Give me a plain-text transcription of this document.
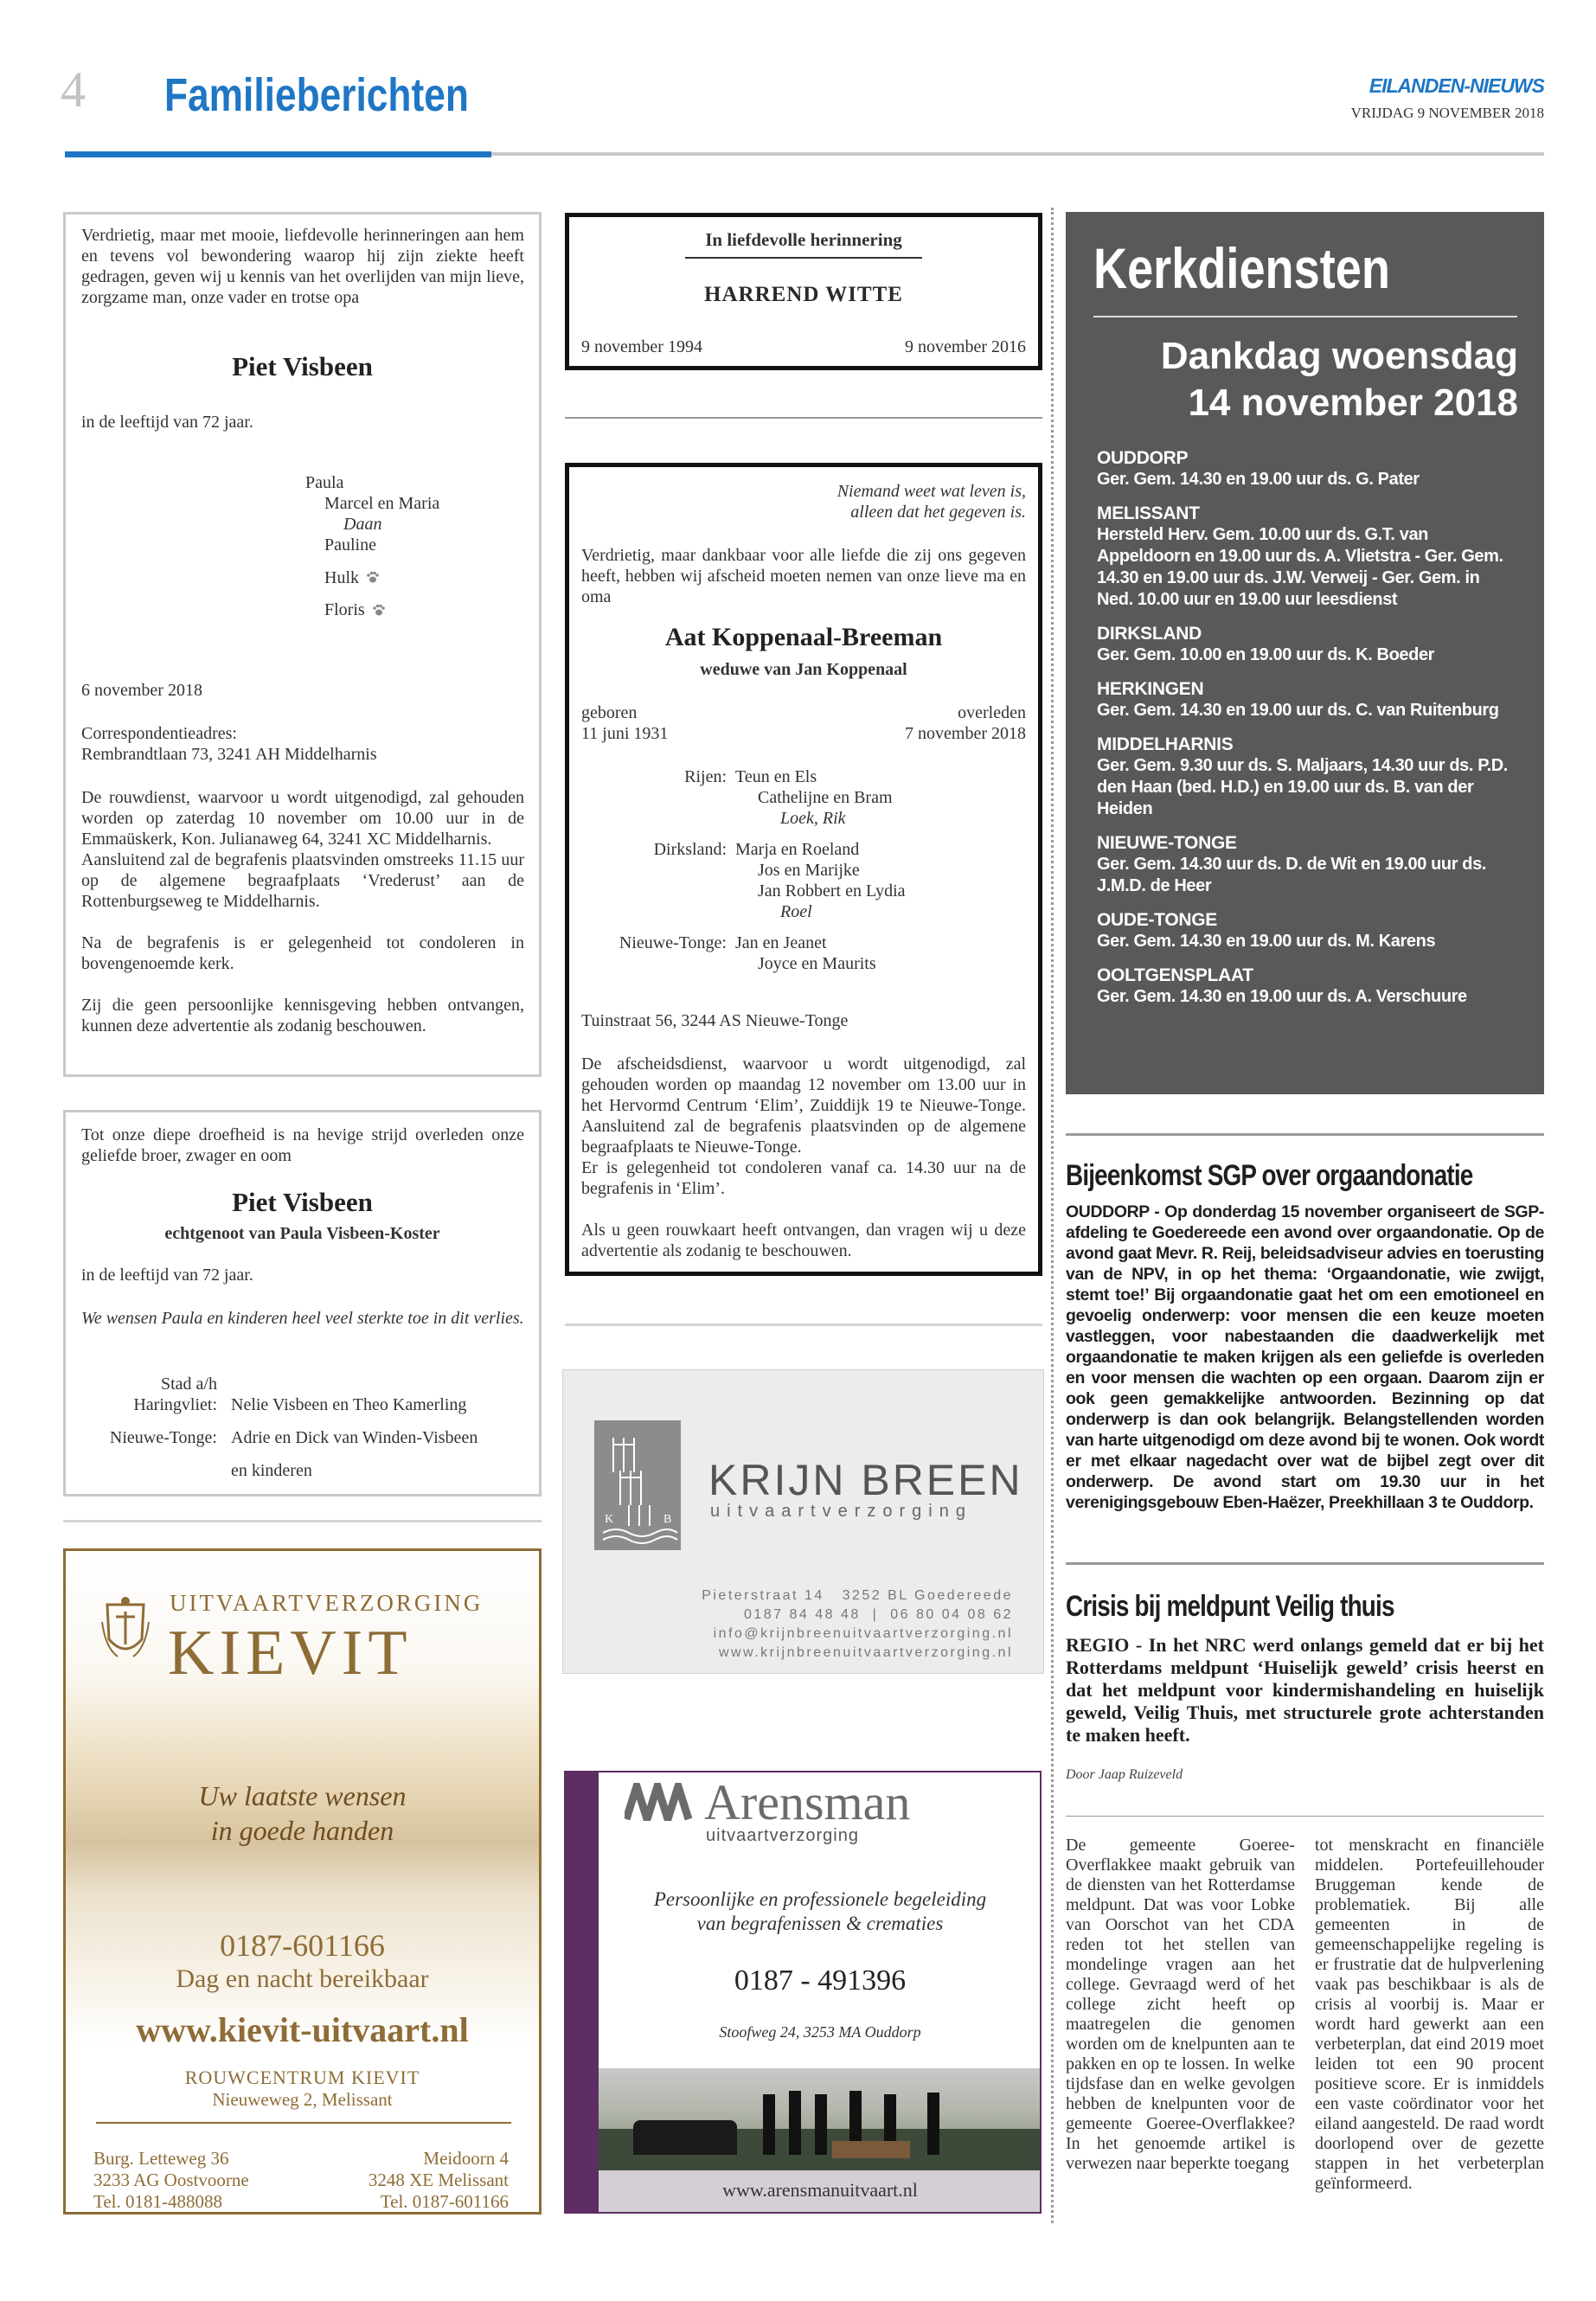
4 Familieberichten	EILANDEN-NIEUWS
VRIJDAG 9 NOVEMBER 2018
Verdrietig, maar met mooie, liefdevolle herinneringen aan hem en tevens vol bewondering waarop hij zijn ziekte heeft gedragen, geven wij u kennis van het overlijden van mijn lieve, zorgzame man, onze vader en trotse opa
Piet Visbeen
in de leeftijd van 72 jaar.
Paula
Marcel en Maria
Daan
Pauline
Hulk
Floris
6 november 2018
Correspondentieadres:
Rembrandtlaan 73, 3241 AH Middelharnis

De rouwdienst, waarvoor u wordt uitgenodigd, zal gehouden worden op zaterdag 10 november om 10.00 uur in de Emmaüskerk, Kon. Julianaweg 64, 3241 XC Middelharnis.

Aansluitend zal de begrafenis plaatsvinden omstreeks 11.15 uur op de algemene begraafplaats ‘Vrederust’ aan de Rottenburgseweg te Middelharnis.

Na de begrafenis is er gelegenheid tot condoleren in bovengenoemde kerk.

Zij die geen persoonlijke kennisgeving hebben ontvangen, kunnen deze advertentie als zodanig beschouwen.

Tot onze diepe droefheid is na hevige strijd overleden onze geliefde broer, zwager en oom
Piet Visbeen
echtgenoot van Paula Visbeen-Koster
in de leeftijd van 72 jaar.
We wensen Paula en kinderen heel veel sterkte toe in dit verlies.
Stad a/h
Haringvliet: Nelie Visbeen en Theo Kamerling
Nieuwe-Tonge: Adrie en Dick van Winden-Visbeen
en kinderen
UITVAARTVERZORGING
KIEVIT
Uw laatste wensen
in goede handen
0187-601166
Dag en nacht bereikbaar
www.kievit-uitvaart.nl
ROUWCENTRUM KIEVIT
Nieuweweg 2, Melissant
Burg. Letteweg 36
3233 AG Oostvoorne
Tel. 0181-488088
Meidoorn 4
3248 XE Melissant
Tel. 0187-601166
In liefdevolle herinnering
HARREND WITTE
9 november 1994	9 november 2016
Niemand weet wat leven is,
alleen dat het gegeven is.
Verdrietig, maar dankbaar voor alle liefde die zij ons gegeven heeft, hebben wij afscheid moeten nemen van onze lieve ma en oma
Aat Koppenaal-Breeman
weduwe van Jan Koppenaal
geboren
11 juni 1931
overleden
7 november 2018
Rijen: Teun en Els
Cathelijne en Bram
Loek, Rik
Dirksland: Marja en Roeland
Jos en Marijke
Jan Robbert en Lydia
Roel
Nieuwe-Tonge: Jan en Jeanet
Joyce en Maurits
Tuinstraat 56, 3244 AS Nieuwe-Tonge

De afscheidsdienst, waarvoor u wordt uitgenodigd, zal gehouden worden op maandag 12 november om 13.00 uur in het Hervormd Centrum ‘Elim’, Zuiddijk 19 te Nieuwe-Tonge. Aansluitend zal de begrafenis plaatsvinden op de algemene begraafplaats te Nieuwe-Tonge.

Er is gelegenheid tot condoleren vanaf ca. 14.30 uur na de begrafenis in ‘Elim’.

Als u geen rouwkaart heeft ontvangen, dan vragen wij u deze advertentie als zodanig te beschouwen.

K	B
KRIJN BREEN
uitvaartverzorging
Pieterstraat 14   3252 BL Goedereede
0187 84 48 48  |  06 80 04 08 62
info@krijnbreenuitvaartverzorging.nl
www.krijnbreenuitvaartverzorging.nl
Arensman
uitvaartverzorging
Persoonlijke en professionele begeleiding
van begrafenissen & crematies
0187 - 491396
Stoofweg 24, 3253 MA Ouddorp
www.arensmanuitvaart.nl
Kerkdiensten
Dankdag woensdag
14 november 2018
OUDDORP
Ger. Gem. 14.30 en 19.00 uur ds. G. Pater
MELISSANT
Hersteld Herv. Gem. 10.00 uur ds. G.T. van Appeldoorn en 19.00 uur ds. A. Vlietstra - Ger. Gem. 14.30 en 19.00 uur ds. J.W. Verweij - Ger. Gem. in Ned. 10.00 uur en 19.00 uur leesdienst
DIRKSLAND
Ger. Gem. 10.00 en 19.00 uur ds. K. Boeder
HERKINGEN
Ger. Gem. 14.30 en 19.00 uur ds. C. van Ruitenburg
MIDDELHARNIS
Ger. Gem. 9.30 uur ds. S. Maljaars, 14.30 uur ds. P.D. den Haan (bed. H.D.) en 19.00 uur ds. B. van der Heiden
NIEUWE-TONGE
Ger. Gem. 14.30 uur ds. D. de Wit en 19.00 uur ds. J.M.D. de Heer
OUDE-TONGE
Ger. Gem. 14.30 en 19.00 uur ds. M. Karens
OOLTGENSPLAAT
Ger. Gem. 14.30 en 19.00 uur ds. A. Verschuure
Bijeenkomst SGP over orgaandonatie
OUDDORP - Op donderdag 15 november organiseert de SGP-afdeling te Goedereede een avond over orgaandonatie. Op de avond gaat Mevr. R. Reij, beleidsadviseur advies en toerusting van de NPV, in op het thema: ‘Orgaandonatie, wie zwijgt, stemt toe!’ Bij orgaandonatie gaat het om een emotioneel en gevoelig onderwerp: voor mensen die een keuze moeten vastleggen, voor nabestaanden die daadwerkelijk met orgaandonatie te maken krijgen als een geliefde is overleden en voor mensen die wachten op een orgaan. Daarom zijn er ook geen gemakkelijke antwoorden. Bezinning op dat onderwerp is dan ook belangrijk. Belangstellenden worden van harte uitgenodigd om deze avond bij te wonen. Ook wordt er met elkaar nagedacht over wat de bijbel zegt over dit onderwerp. De avond start om 19.30 uur in het verenigingsgebouw Eben-Haëzer, Preekhillaan 3 te Ouddorp.
Crisis bij meldpunt Veilig thuis
REGIO - In het NRC werd onlangs gemeld dat er bij het Rotterdams meldpunt ‘Huiselijk geweld’ crisis heerst en dat het meldpunt voor kindermishandeling en huiselijk geweld, Veilig Thuis, met structurele grote achterstanden te maken heeft.
Door Jaap Ruizeveld
De gemeente Goeree-Overflakkee maakt gebruik van de diensten van het Rotterdamse meldpunt. Dat was voor Lobke van Oorschot van het CDA reden tot het stellen van mondelinge vragen aan het college. Gevraagd werd of het college zicht heeft op maatregelen die genomen worden om de knelpunten aan te pakken en op te lossen. In welke tijdsfase dan en welke gevolgen hebben de knelpunten voor de gemeente Goeree-Overflakkee? In het genoemde artikel is verwezen naar beperkte toegang
tot menskracht en financiële middelen. Portefeuillehouder Bruggeman kende de problematiek. Bij alle gemeenten in de gemeenschappelijke regeling is er frustratie dat de hulpverlening vaak pas beschikbaar is als de crisis al voorbij is. Maar er wordt hard gewerkt aan een verbeterplan, dat eind 2019 moet leiden tot een 90 procent positieve score. Er is inmiddels een vaste coördinator voor het eiland aangesteld. De raad wordt doorlopend over de gezette stappen in het verbeterplan geïnformeerd.
